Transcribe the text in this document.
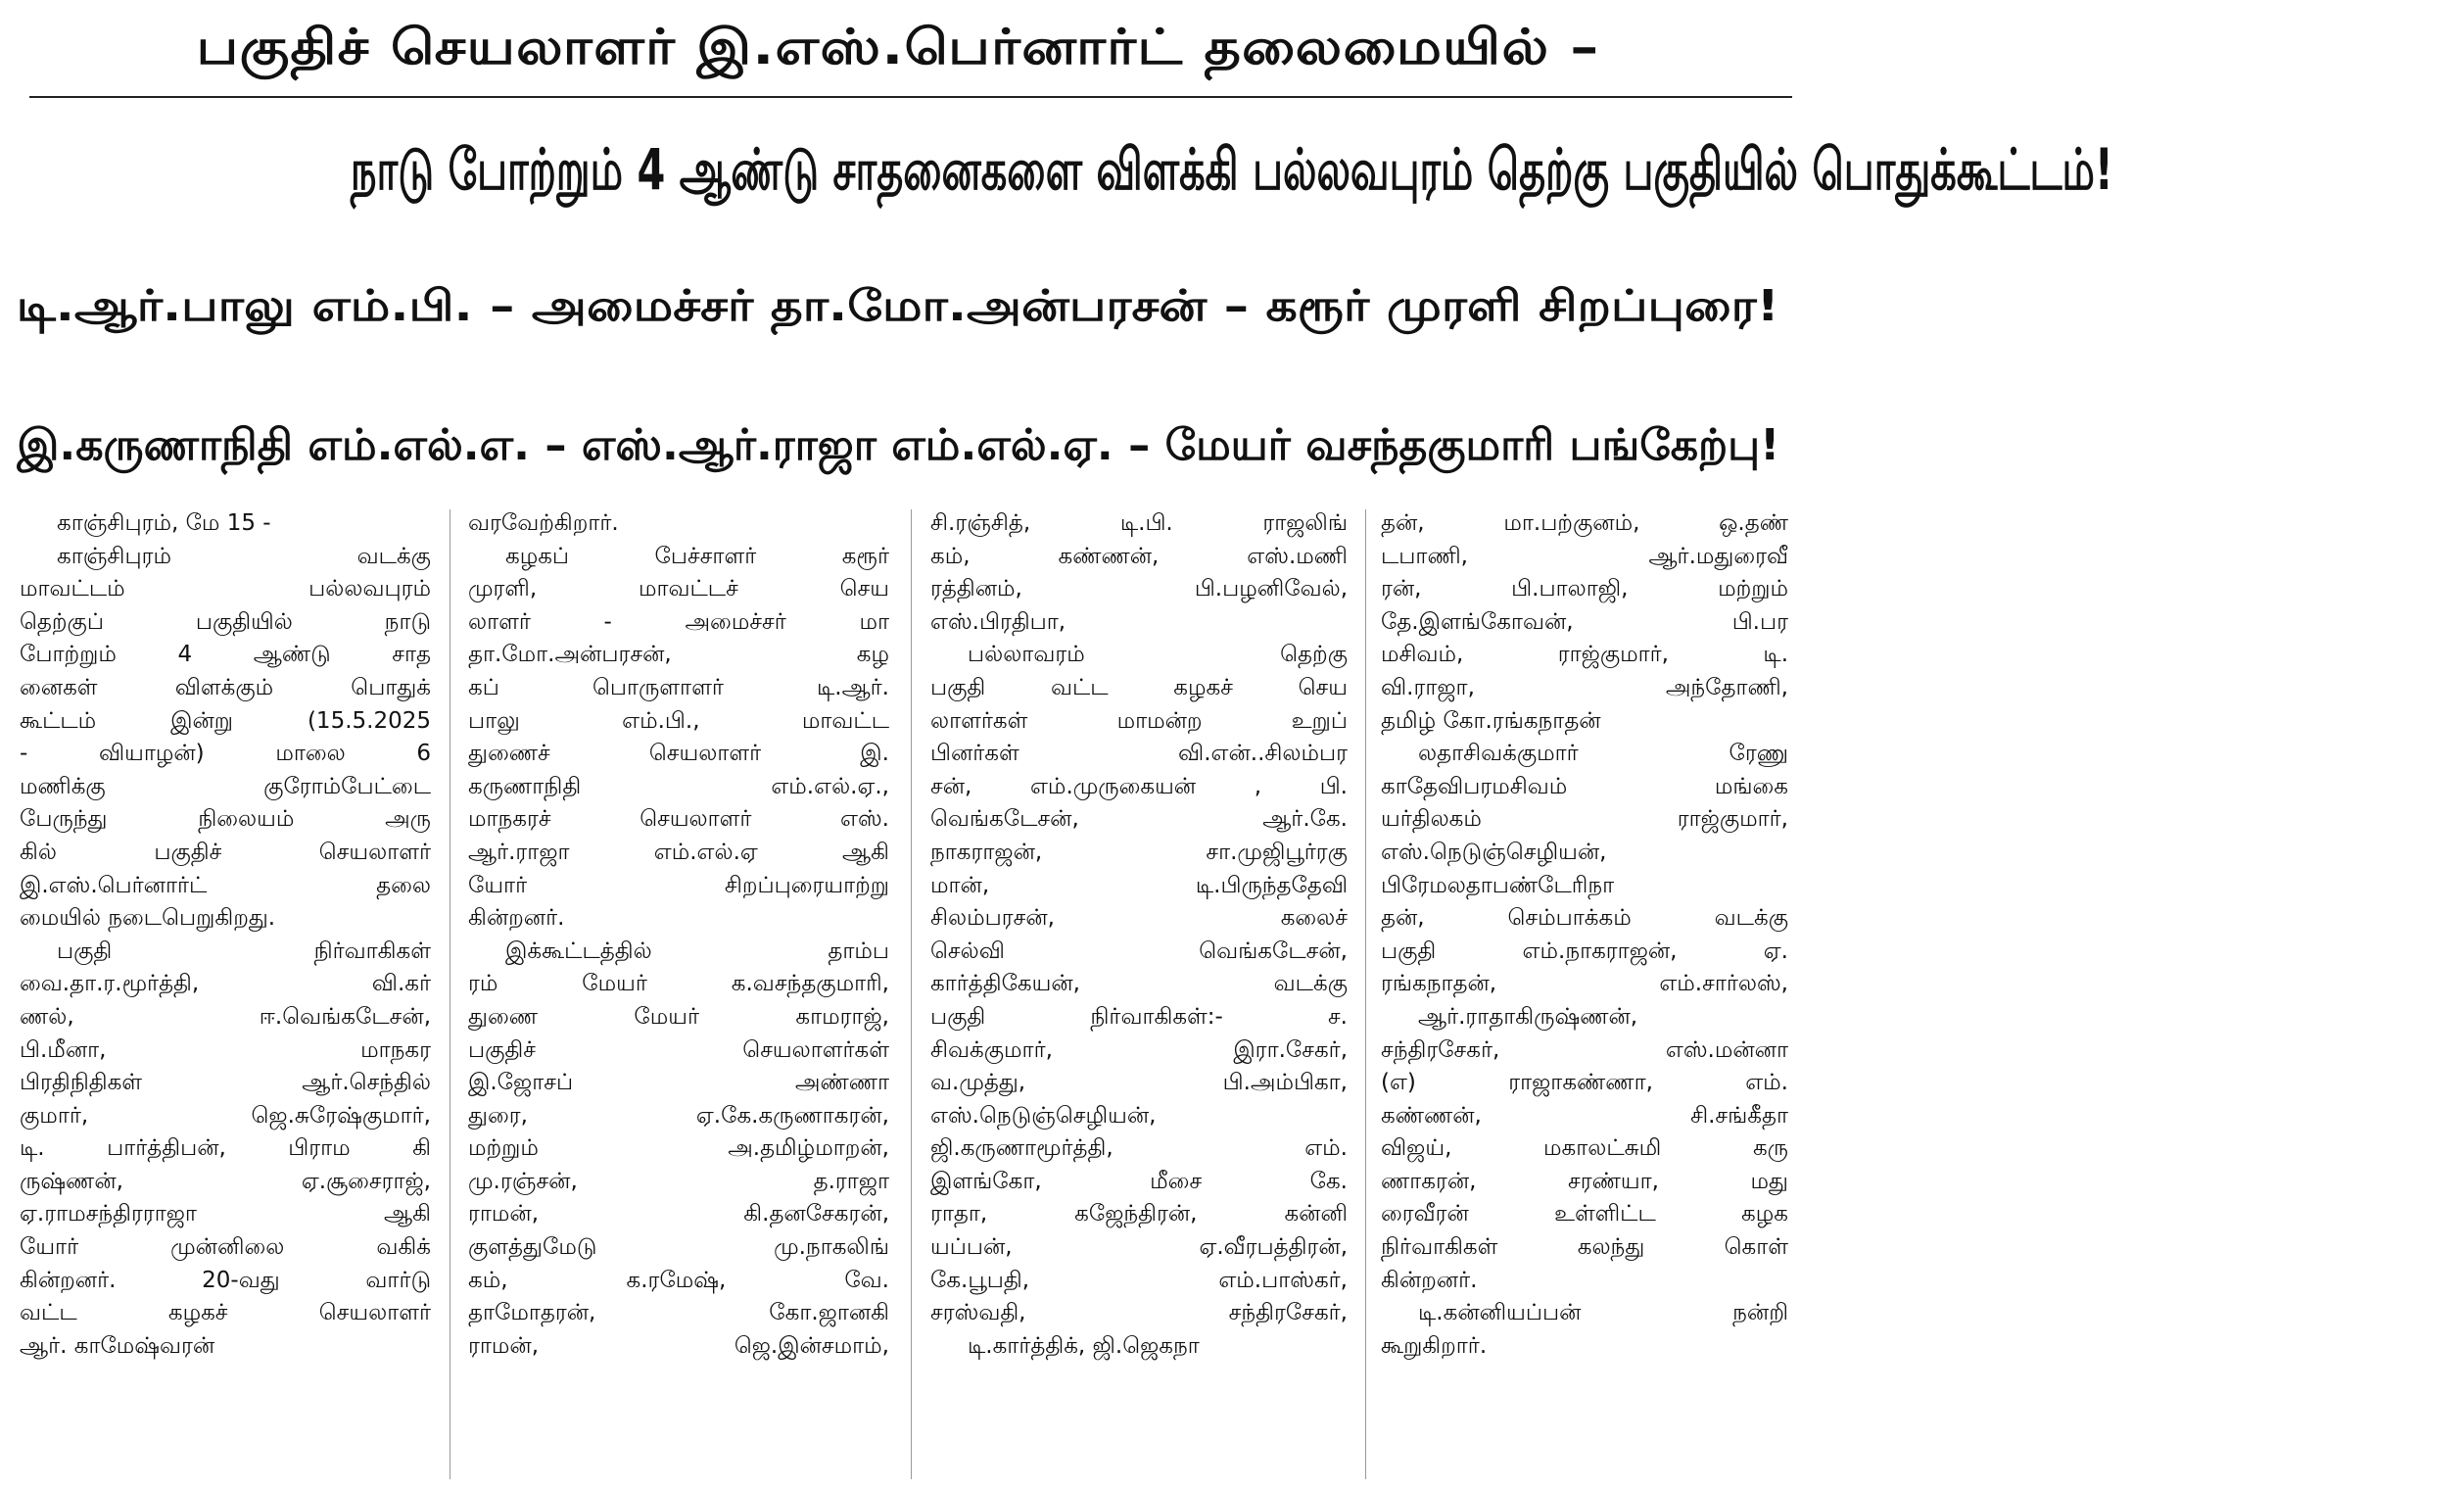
பகுதிச் செயலாளர் இ.எஸ்.பெர்னார்ட் தலைமையில் –
நாடு போற்றும் 4 ஆண்டு சாதனைகளை விளக்கி பல்லவபுரம் தெற்கு பகுதியில் பொதுக்கூட்டம்!
டி.ஆர்.பாலு எம்.பி. – அமைச்சர் தா.மோ.அன்பரசன் – கரூர் முரளி சிறப்புரை!
இ.கருணாநிதி எம்.எல்.எ. – எஸ்.ஆர்.ராஜா எம்.எல்.ஏ. – மேயர் வசந்தகுமாரி பங்கேற்பு!
காஞ்சிபுரம், மே 15 -
காஞ்சிபுரம் வடக்கு
மாவட்டம் பல்லவபுரம்
தெற்குப் பகுதியில் நாடு
போற்றும் 4 ஆண்டு சாத
னைகள் விளக்கும் பொதுக்
கூட்டம் இன்று (15.5.2025
- வியாழன்) மாலை 6
மணிக்கு குரோம்பேட்டை
பேருந்து நிலையம் அரு
கில் பகுதிச் செயலாளர்
இ.எஸ்.பெர்னார்ட் தலை
மையில் நடைபெறுகிறது.
பகுதி நிர்வாகிகள்
வை.தா.ர.மூர்த்தி, வி.கர்
ணல், ஈ.வெங்கடேசன்,
பி.மீனா, மாநகர
பிரதிநிதிகள் ஆர்.செந்தில்
குமார், ஜெ.சுரேஷ்குமார்,
டி. பார்த்திபன், பிராம கி
ருஷ்ணன், ஏ.சூசைராஜ்,
ஏ.ராமசந்திரராஜா ஆகி
யோர் முன்னிலை வகிக்
கின்றனர். 20-வது வார்டு
வட்ட கழகச் செயலாளர்
ஆர். காமேஷ்வரன்
வரவேற்கிறார்.
கழகப் பேச்சாளர் கரூர்
முரளி, மாவட்டச் செய
லாளர் - அமைச்சர் மா
தா.மோ.அன்பரசன், கழ
கப் பொருளாளர் டி.ஆர்.
பாலு எம்.பி., மாவட்ட
துணைச் செயலாளர் இ.
கருணாநிதி எம்.எல்.ஏ.,
மாநகரச் செயலாளர் எஸ்.
ஆர்.ராஜா எம்.எல்.ஏ ஆகி
யோர் சிறப்புரையாற்று
கின்றனர்.
இக்கூட்டத்தில் தாம்ப
ரம் மேயர் க.வசந்தகுமாரி,
துணை மேயர் காமராஜ்,
பகுதிச் செயலாளர்கள்
இ.ஜோசப் அண்ணா
துரை, ஏ.கே.கருணாகரன்,
மற்றும் அ.தமிழ்மாறன்,
மு.ரஞ்சன், த.ராஜா
ராமன், கி.தனசேகரன்,
குளத்துமேடு மு.நாகலிங்
கம், க.ரமேஷ், வே.
தாமோதரன், கோ.ஜானகி
ராமன், ஜெ.இன்சமாம்,
சி.ரஞ்சித், டி.பி. ராஜலிங்
கம், கண்ணன், எஸ்.மணி
ரத்தினம், பி.பழனிவேல்,
எஸ்.பிரதிபா,
பல்லாவரம் தெற்கு
பகுதி வட்ட கழகச் செய
லாளர்கள் மாமன்ற உறுப்
பினர்கள் வி.என்..சிலம்பர
சன், எம்.முருகையன் , பி.
வெங்கடேசன், ஆர்.கே.
நாகராஜன், சா.முஜிபூர்ரகு
மான், டி.பிருந்ததேவி
சிலம்பரசன், கலைச்
செல்வி வெங்கடேசன்,
கார்த்திகேயன், வடக்கு
பகுதி நிர்வாகிகள்:- ச.
சிவக்குமார், இரா.சேகர்,
வ.முத்து, பி.அம்பிகா,
எஸ்.நெடுஞ்செழியன்,
ஜி.கருணாமூர்த்தி, எம்.
இளங்கோ, மீசை கே.
ராதா, கஜேந்திரன், கன்னி
யப்பன், ஏ.வீரபத்திரன்,
கே.பூபதி, எம்.பாஸ்கர்,
சரஸ்வதி, சந்திரசேகர்,
டி.கார்த்திக், ஜி.ஜெகநா
தன், மா.பற்குனம், ஒ.தண்
டபாணி, ஆர்.மதுரைவீ
ரன், பி.பாலாஜி, மற்றும்
தே.இளங்கோவன், பி.பர
மசிவம், ராஜ்குமார், டி.
வி.ராஜா, அந்தோணி,
தமிழ் கோ.ரங்கநாதன்
லதாசிவக்குமார் ரேணு
காதேவிபரமசிவம் மங்கை
யர்திலகம் ராஜ்குமார்,
எஸ்.நெடுஞ்செழியன்,
பிரேமலதாபண்டேரிநா
தன், செம்பாக்கம் வடக்கு
பகுதி எம்.நாகராஜன், ஏ.
ரங்கநாதன், எம்.சார்லஸ்,
ஆர்.ராதாகிருஷ்ணன்,
சந்திரசேகர், எஸ்.மன்னா
(எ) ராஜாகண்ணா, எம்.
கண்ணன், சி.சங்கீதா
விஜய், மகாலட்சுமி கரு
ணாகரன், சரண்யா, மது
ரைவீரன் உள்ளிட்ட கழக
நிர்வாகிகள் கலந்து கொள்
கின்றனர்.
டி.கன்னியப்பன் நன்றி
கூறுகிறார்.
